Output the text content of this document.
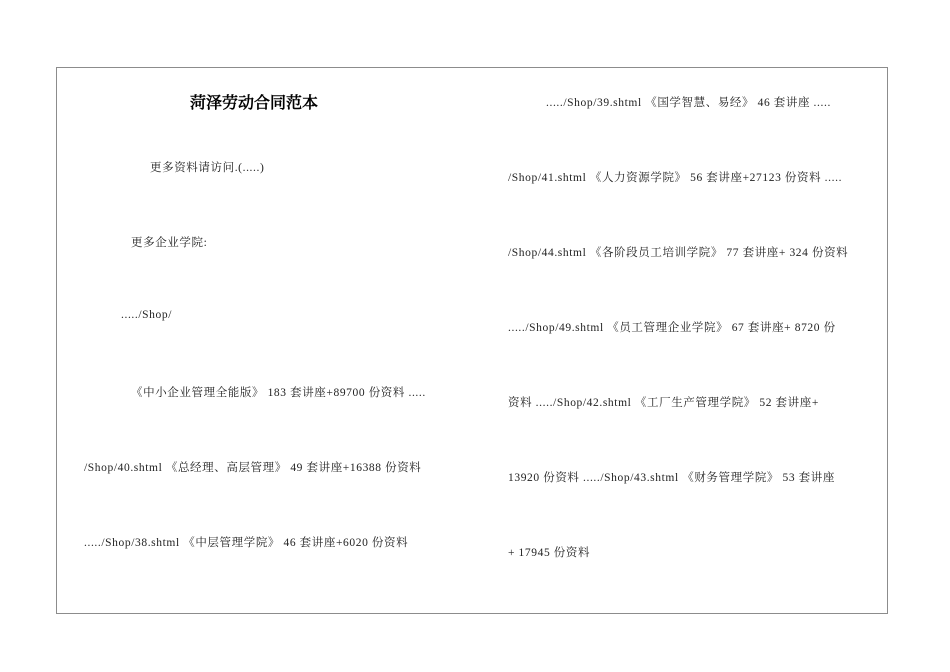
菏泽劳动合同范本
更多资料请访问.(.....)
更多企业学院:
...../Shop/
《中小企业管理全能版》 183 套讲座+89700 份资料 .....
/Shop/40.shtml 《总经理、高层管理》 49 套讲座+16388 份资料
...../Shop/38.shtml 《中层管理学院》 46 套讲座+6020 份资料
...../Shop/39.shtml 《国学智慧、易经》 46 套讲座 .....
/Shop/41.shtml 《人力资源学院》 56 套讲座+27123 份资料 .....
/Shop/44.shtml 《各阶段员工培训学院》 77 套讲座+ 324 份资料
...../Shop/49.shtml 《员工管理企业学院》 67 套讲座+ 8720 份
资料 ...../Shop/42.shtml 《工厂生产管理学院》 52 套讲座+
13920 份资料 ...../Shop/43.shtml 《财务管理学院》 53 套讲座
+ 17945 份资料
